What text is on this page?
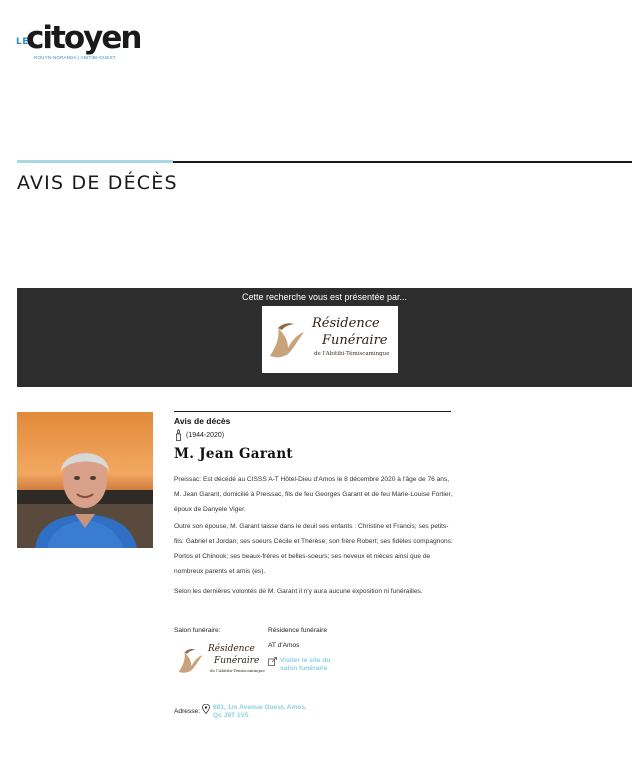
LE
citoyen
ROUYN-NORANDA | ABITIBI-OUEST
AVIS DE DÉCÈS
Cette recherche vous est présentée par...
Résidence
Funéraire
de l'Abitibi-Témiscamingue
Avis de décès
(1944-2020)
M. Jean Garant

Preissac: Est décédé au CISSS A-T Hôtel-Dieu d'Amos le 8 décembre 2020 à l'âge de 76 ans, M. Jean Garant, domicilié à Preissac, fils de feu Georges Garant et de feu Marie-Louise Fortier, époux de Danyele Viger.

Outre son épouse, M. Garant laisse dans le deuil ses enfants : Christine et Francis; ses petits-fils: Gabriel et Jordan; ses soeurs Cécile et Thérèse; son frère Robert; ses fidèles compagnons: Portos et Chinook; ses beaux-frères et belles-soeurs; ses neveux et nièces ainsi que de nombreux parents et amis (es).

Selon les dernières volontés de M. Garant il n'y aura aucune exposition ni funérailles.

Salon funéraire:	Résidence funéraire
AT d'Amos
Résidence
Funéraire
de l'Abitibi-Témiscamingue
Visiter le site du salon funéraire
Adresse:
681, 1re Avenue Ouest, Amos, Qc J9T 1V5
